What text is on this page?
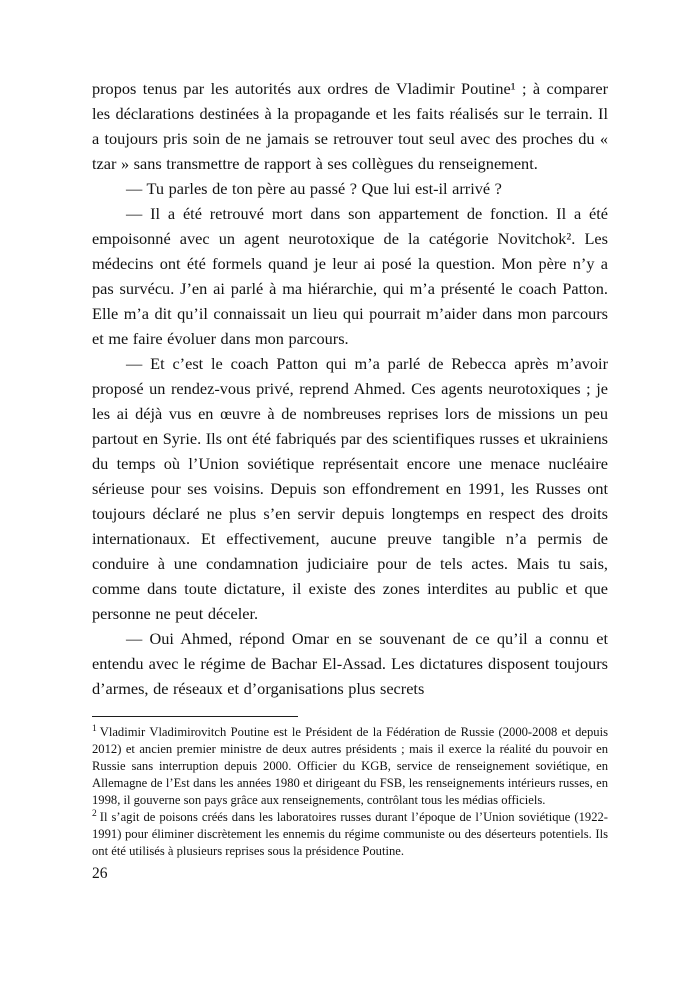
propos tenus par les autorités aux ordres de Vladimir Poutine¹ ; à comparer les déclarations destinées à la propagande et les faits réalisés sur le terrain. Il a toujours pris soin de ne jamais se retrouver tout seul avec des proches du « tzar » sans transmettre de rapport à ses collègues du renseignement.

— Tu parles de ton père au passé ? Que lui est-il arrivé ?

— Il a été retrouvé mort dans son appartement de fonction. Il a été empoisonné avec un agent neurotoxique de la catégorie Novitchok². Les médecins ont été formels quand je leur ai posé la question. Mon père n’y a pas survécu. J’en ai parlé à ma hiérarchie, qui m’a présenté le coach Patton. Elle m’a dit qu’il connaissait un lieu qui pourrait m’aider dans mon parcours et me faire évoluer dans mon parcours.

— Et c’est le coach Patton qui m’a parlé de Rebecca après m’avoir proposé un rendez-vous privé, reprend Ahmed. Ces agents neurotoxiques ; je les ai déjà vus en œuvre à de nombreuses reprises lors de missions un peu partout en Syrie. Ils ont été fabriqués par des scientifiques russes et ukrainiens du temps où l’Union soviétique représentait encore une menace nucléaire sérieuse pour ses voisins. Depuis son effondrement en 1991, les Russes ont toujours déclaré ne plus s’en servir depuis longtemps en respect des droits internationaux. Et effectivement, aucune preuve tangible n’a permis de conduire à une condamnation judiciaire pour de tels actes. Mais tu sais, comme dans toute dictature, il existe des zones interdites au public et que personne ne peut déceler.

— Oui Ahmed, répond Omar en se souvenant de ce qu’il a connu et entendu avec le régime de Bachar El-Assad. Les dictatures disposent toujours d’armes, de réseaux et d’organisations plus secrets

$^1$ Vladimir Vladimirovitch Poutine est le Président de la Fédération de Russie (2000-2008 et depuis 2012) et ancien premier ministre de deux autres présidents ; mais il exerce la réalité du pouvoir en Russie sans interruption depuis 2000. Officier du KGB, service de renseignement soviétique, en Allemagne de l’Est dans les années 1980 et dirigeant du FSB, les renseignements intérieurs russes, en 1998, il gouverne son pays grâce aux renseignements, contrôlant tous les médias officiels.

$^2$ Il s’agit de poisons créés dans les laboratoires russes durant l’époque de l’Union soviétique (1922-1991) pour éliminer discrètement les ennemis du régime communiste ou des déserteurs potentiels. Ils ont été utilisés à plusieurs reprises sous la présidence Poutine.

26
